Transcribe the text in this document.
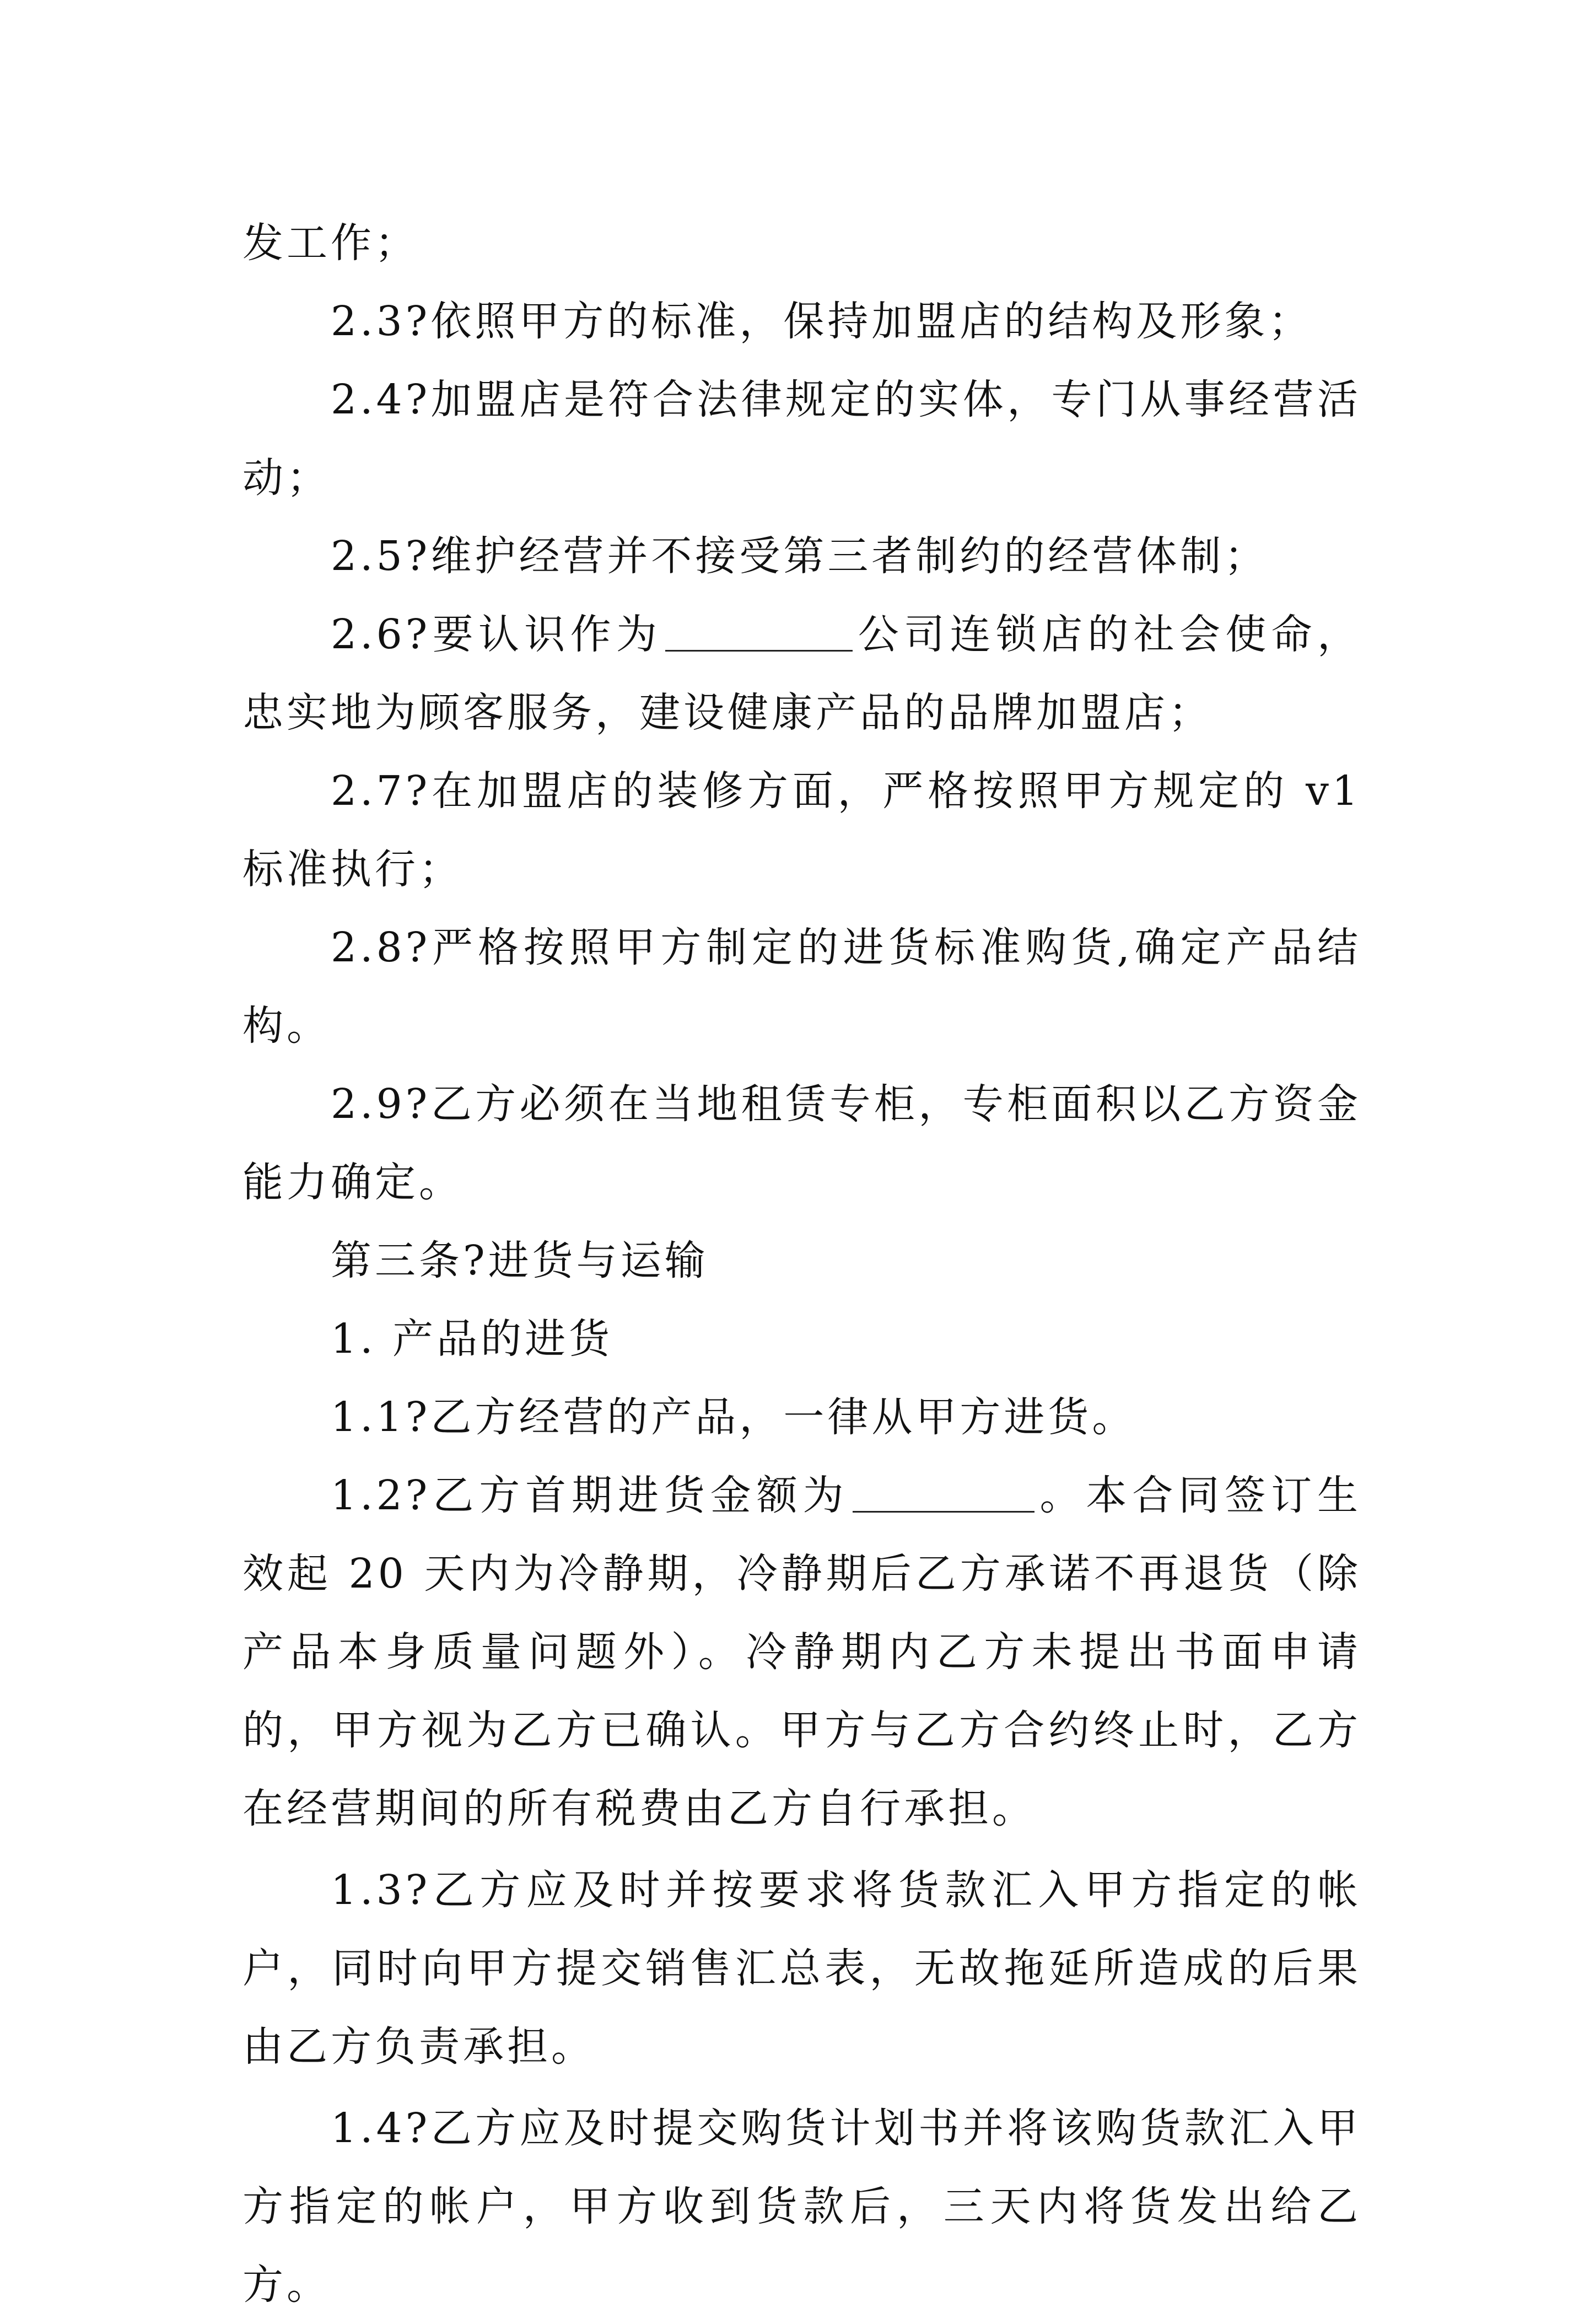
发工作；

2.3?依照甲方的标准，保持加盟店的结构及形象；

2.4?加盟店是符合法律规定的实体，专门从事经营活动；

2.5?维护经营并不接受第三者制约的经营体制；

2.6?要认识作为	公司连锁店的社会使命，忠实地为顾客服务，建设健康产品的品牌加盟店；

2.7?在加盟店的装修方面，严格按照甲方规定的 v1 标准执行；

2.8?严格按照甲方制定的进货标准购货,确定产品结构。

2.9?乙方必须在当地租赁专柜，专柜面积以乙方资金能力确定。

第三条?进货与运输

1. 产品的进货

1.1?乙方经营的产品，一律从甲方进货。

1.2?乙方首期进货金额为	。本合同签订生效起 20 天内为冷静期，冷静期后乙方承诺不再退货（除产品本身质量问题外）。冷静期内乙方未提出书面申请的，甲方视为乙方已确认。甲方与乙方合约终止时，乙方在经营期间的所有税费由乙方自行承担。

1.3?乙方应及时并按要求将货款汇入甲方指定的帐户，同时向甲方提交销售汇总表，无故拖延所造成的后果由乙方负责承担。

1.4?乙方应及时提交购货计划书并将该购货款汇入甲方指定的帐户，甲方收到货款后，三天内将货发出给乙方。
